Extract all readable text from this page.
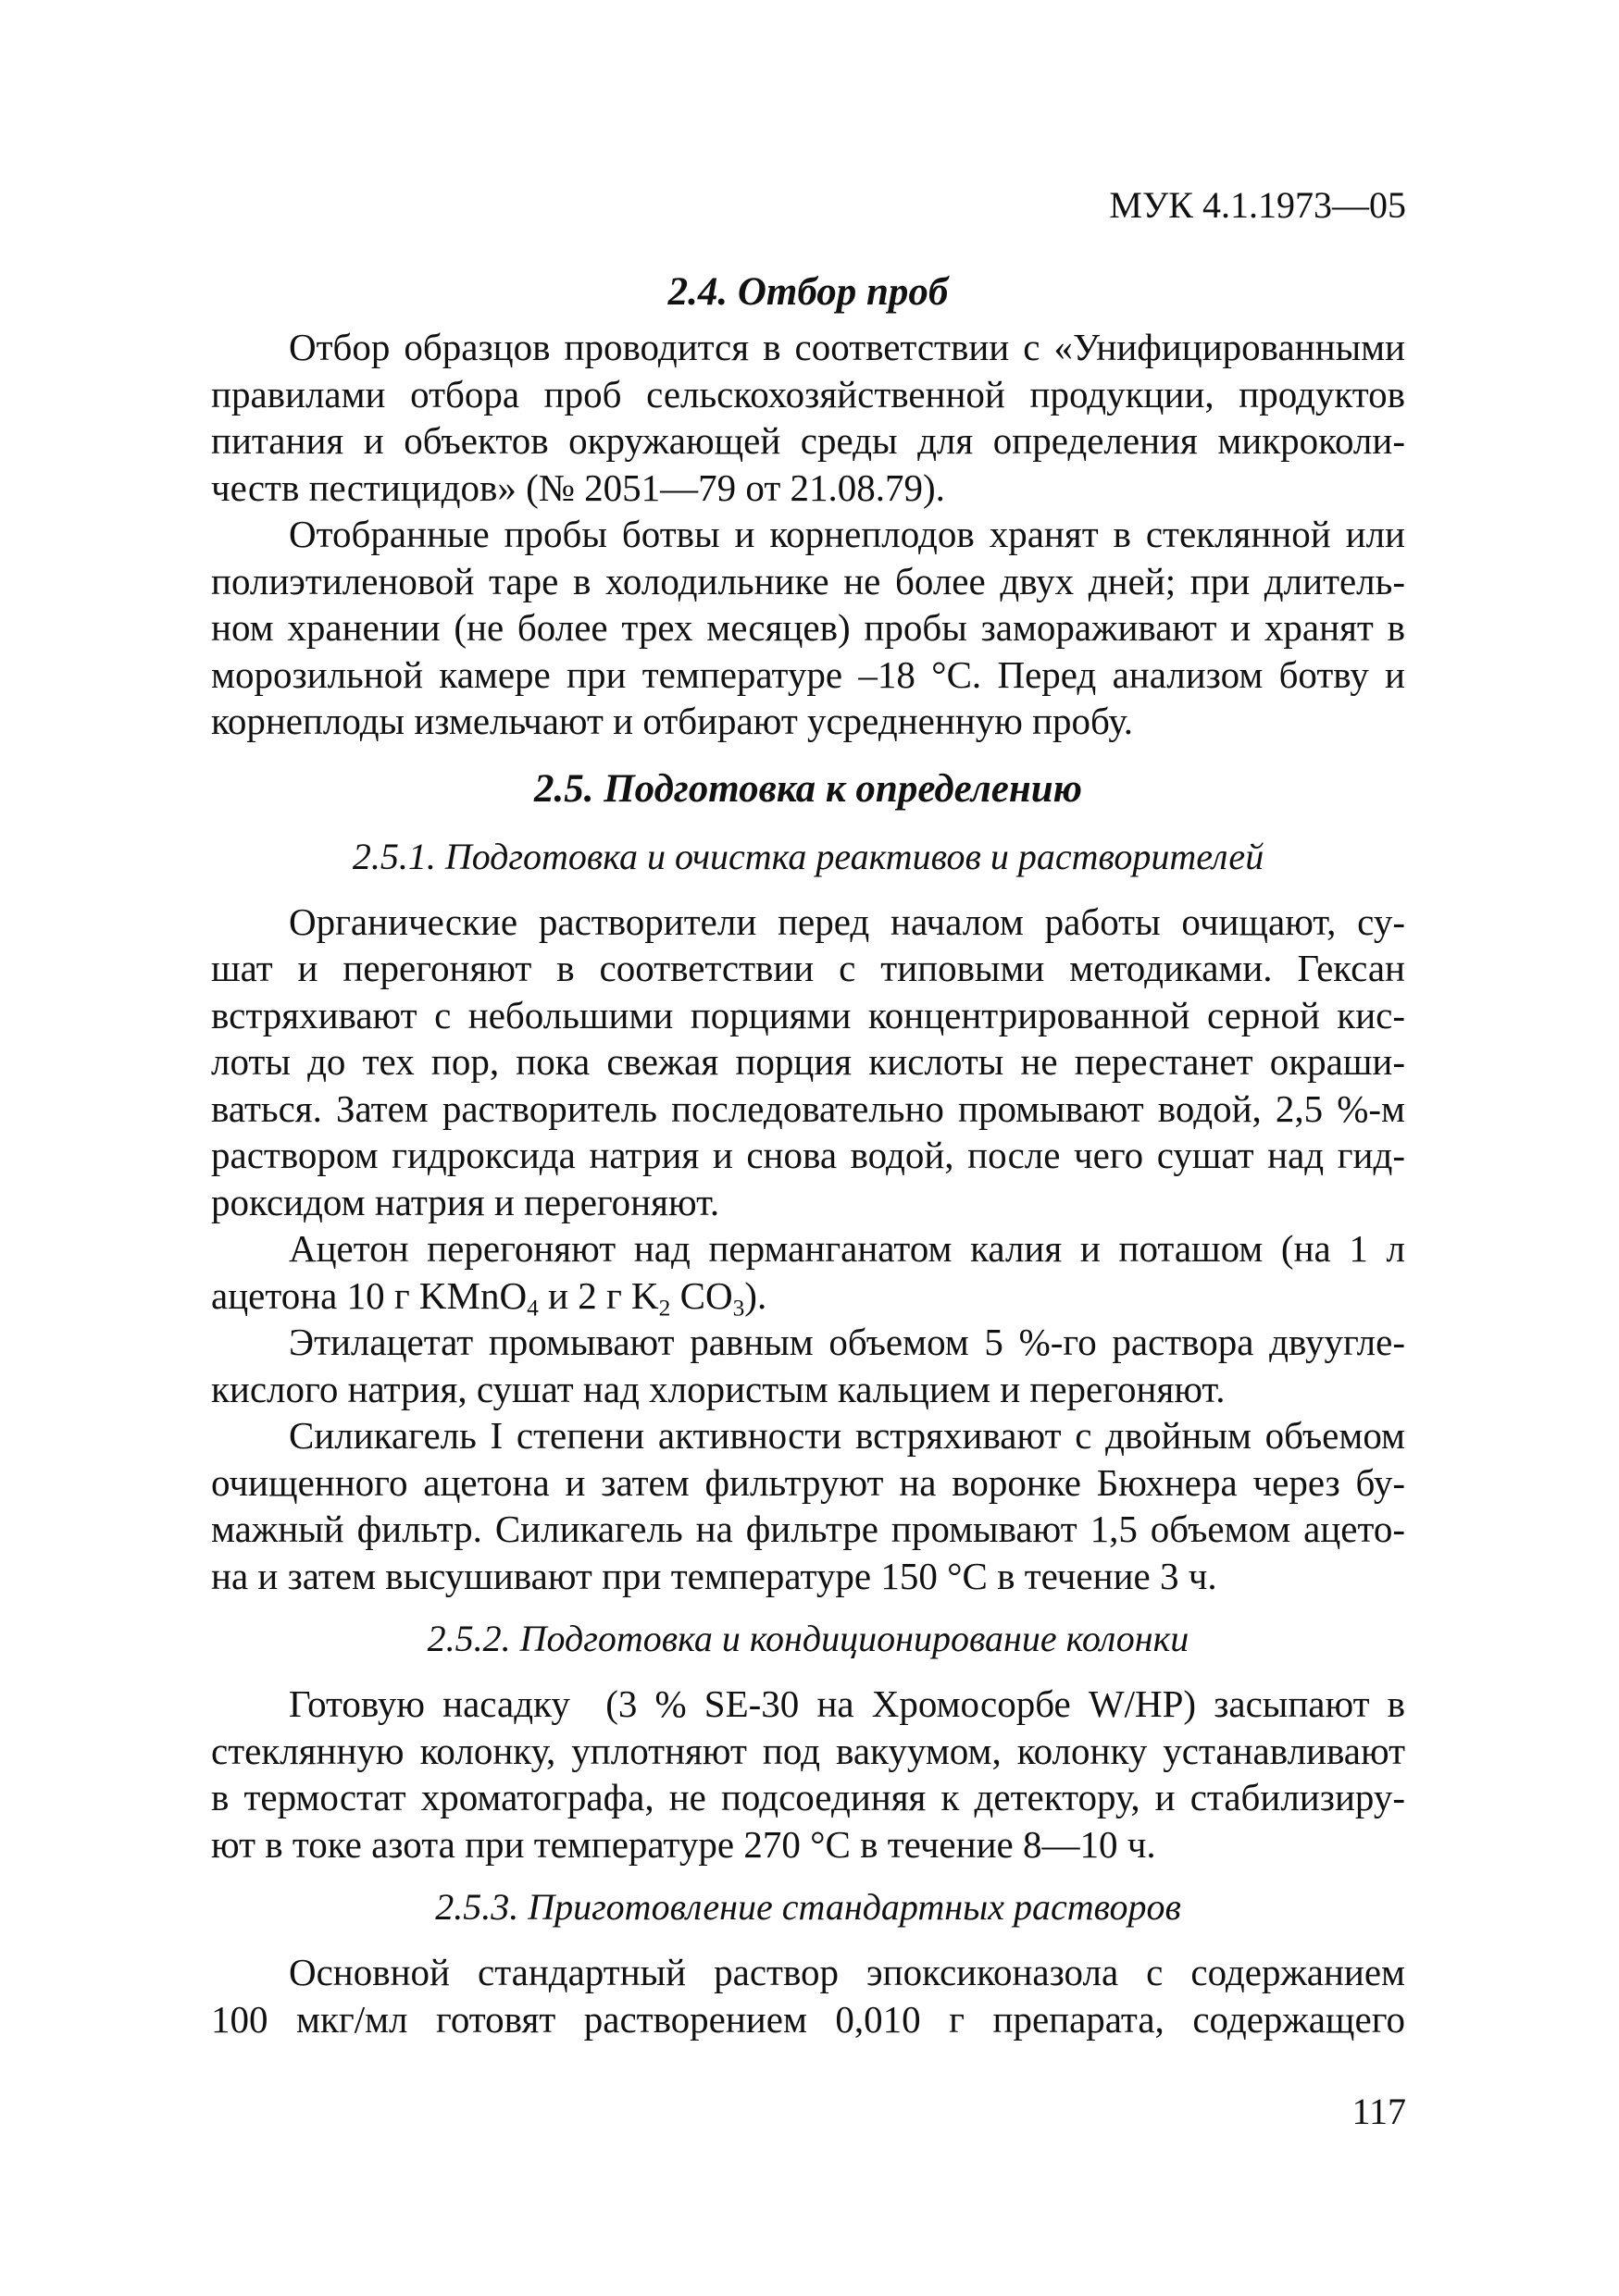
МУК 4.1.1973—05
2.4. Отбор проб
Отбор образцов проводится в соответствии с «Унифицированными
правилами отбора проб сельскохозяйственной продукции, продуктов
питания и объектов окружающей среды для определения микроколи-
честв пестицидов» (№ 2051—79 от 21.08.79).
Отобранные пробы ботвы и корнеплодов хранят в стеклянной или
полиэтиленовой таре в холодильнике не более двух дней; при длитель-
ном хранении (не более трех месяцев) пробы замораживают и хранят в
морозильной камере при температуре –18 °С. Перед анализом ботву и
корнеплоды измельчают и отбирают усредненную пробу.
2.5. Подготовка к определению
2.5.1. Подготовка и очистка реактивов и растворителей
Органические растворители перед началом работы очищают, су-
шат и перегоняют в соответствии с типовыми методиками. Гексан
встряхивают с небольшими порциями концентрированной серной кис-
лоты до тех пор, пока свежая порция кислоты не перестанет окраши-
ваться. Затем растворитель последовательно промывают водой, 2,5 %-м
раствором гидроксида натрия и снова водой, после чего сушат над гид-
роксидом натрия и перегоняют.
Ацетон перегоняют над перманганатом калия и поташом (на 1 л
ацетона 10 г KMnO$_4$ и 2 г $K_2$ $CO_3$).
Этилацетат промывают равным объемом 5 %-го раствора двуугле-
кислого натрия, сушат над хлористым кальцием и перегоняют.
Силикагель I степени активности встряхивают с двойным объемом
очищенного ацетона и затем фильтруют на воронке Бюхнера через бу-
мажный фильтр. Силикагель на фильтре промывают 1,5 объемом ацето-
на и затем высушивают при температуре 150 °С в течение 3 ч.
2.5.2. Подготовка и кондиционирование колонки
Готовую насадку  (3 % SE-30 на Хромосорбе W/HP) засыпают в
стеклянную колонку, уплотняют под вакуумом, колонку устанавливают
в термостат хроматографа, не подсоединяя к детектору, и стабилизиру-
ют в токе азота при температуре 270 °С в течение 8—10 ч.
2.5.3. Приготовление стандартных растворов
Основной стандартный раствор эпоксиконазола с содержанием
100 мкг/мл готовят растворением 0,010 г препарата, содержащего
117
